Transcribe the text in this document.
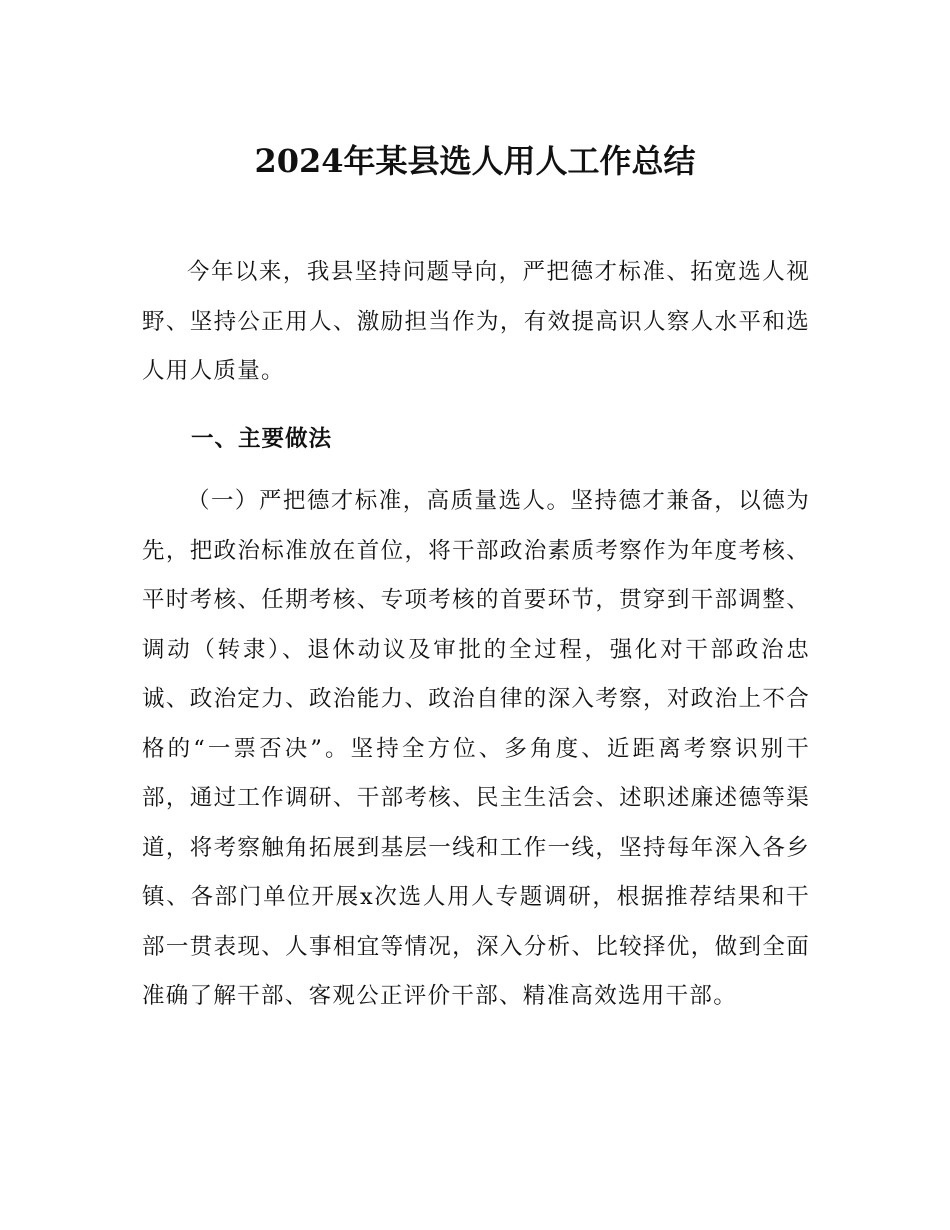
2024年某县选人用人工作总结

今年以来，我县坚持问题导向，严把德才标准、拓宽选人视野、坚持公正用人、激励担当作为，有效提高识人察人水平和选人用人质量。

一、主要做法

（一）严把德才标准，高质量选人。坚持德才兼备，以德为先，把政治标准放在首位，将干部政治素质考察作为年度考核、平时考核、任期考核、专项考核的首要环节，贯穿到干部调整、调动（转隶）、退休动议及审批的全过程，强化对干部政治忠诚、政治定力、政治能力、政治自律的深入考察，对政治上不合格的“一票否决”。坚持全方位、多角度、近距离考察识别干部，通过工作调研、干部考核、民主生活会、述职述廉述德等渠道，将考察触角拓展到基层一线和工作一线，坚持每年深入各乡镇、各部门单位开展x次选人用人专题调研，根据推荐结果和干部一贯表现、人事相宜等情况，深入分析、比较择优，做到全面准确了解干部、客观公正评价干部、精准高效选用干部。
